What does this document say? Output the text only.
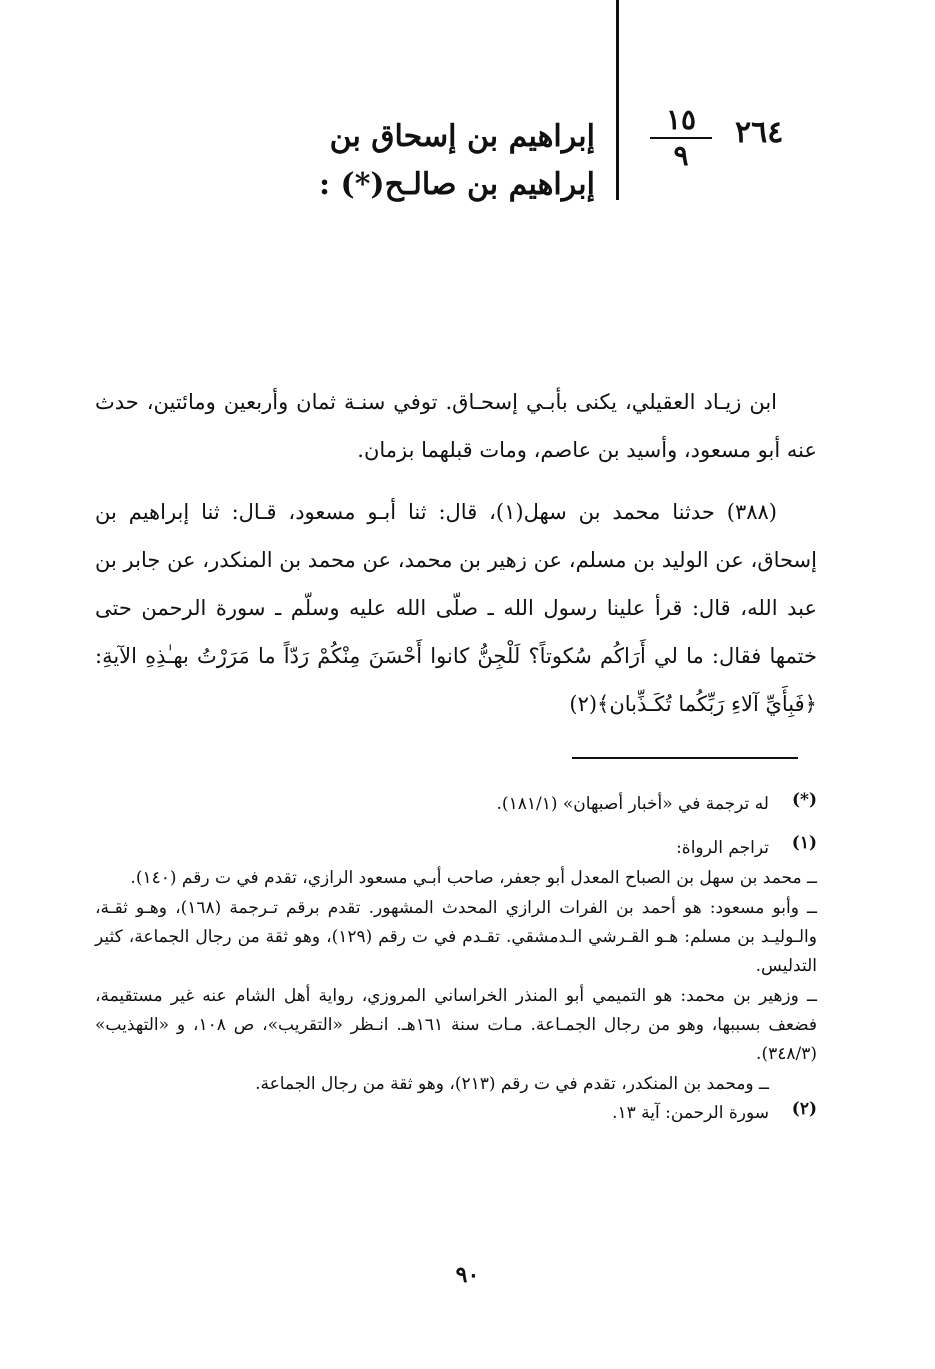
٢٦٤
١٥
٩
إبراهيم بن إسحاق بن
إبراهيم بن صالـح(*) :

ابن زيـاد العقيلي، يكنى بأبـي إسحـاق. توفي سنـة ثمان وأربعين ومائتين، حدث عنه أبو مسعود، وأسيد بن عاصم، ومات قبلهما بزمان.

(٣٨٨) حدثنا محمد بن سهل(١)، قال: ثنا أبـو مسعود، قـال: ثنا إبراهيم بن إسحاق، عن الوليد بن مسلم، عن زهير بن محمد، عن محمد بن المنكدر، عن جابر بن عبد الله، قال: قرأ علينا رسول الله ـ صلّى الله عليه وسلّم ـ سورة الرحمن حتى ختمها فقال: ما لي أَرَاكُم سُكوتاً؟ لَلْجِنُّ كانوا أَحْسَنَ مِنْكُمْ رَدّاً ما مَرَرْتُ بهـٰذِهِ الآيةِ: ﴿فَبِأَيِّ آلاءِ رَبِّكُما تُكَـذِّبان﴾(٢)

(*)
له ترجمة في «أخبار أصبهان» (١٨١/١).
(١)
تراجم الرواة:
ــ محمد بن سهل بن الصباح المعدل أبو جعفر، صاحب أبـي مسعود الرازي، تقدم في ت رقم (١٤٠).
ــ وأبو مسعود: هو أحمد بن الفرات الرازي المحدث المشهور. تقدم برقم تـرجمة (١٦٨)، وهـو ثقـة، والـوليـد بن مسلم: هـو القـرشي الـدمشقي. تقـدم في ت رقم (١٢٩)، وهو ثقة من رجال الجماعة، كثير التدليس.
ــ وزهير بن محمد: هو التميمي أبو المنذر الخراساني المروزي، رواية أهل الشام عنه غير مستقيمة، فضعف بسببها، وهو من رجال الجمـاعة. مـات سنة ١٦١هـ. انـظر «التقريب»، ص ١٠٨، و «التهذيب» (٣٤٨/٣).
ــ ومحمد بن المنكدر، تقدم في ت رقم (٢١٣)، وهو ثقة من رجال الجماعة.
(٢)
سورة الرحمن: آية ١٣.
٩٠
